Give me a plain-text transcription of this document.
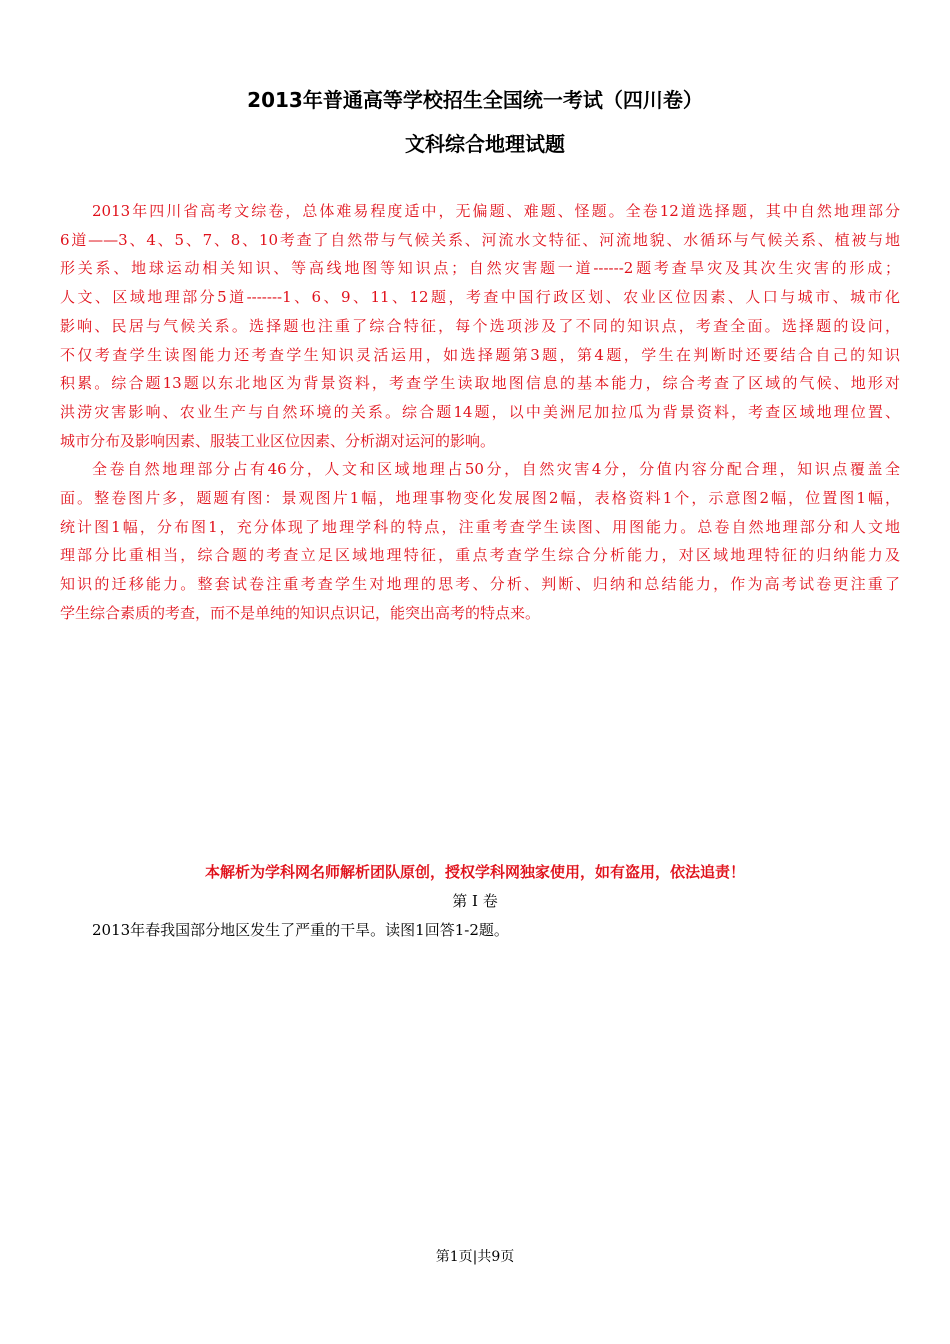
2013年普通高等学校招生全国统一考试（四川卷）
文科综合地理试题
2013年四川省高考文综卷，总体难易程度适中，无偏题、难题、怪题。全卷12道选择题，其中自然地理部分
6道——3、4、5、7、8、10考查了自然带与气候关系、河流水文特征、河流地貌、水循环与气候关系、植被与地
形关系、地球运动相关知识、等高线地图等知识点；自然灾害题一道------2题考查旱灾及其次生灾害的形成；
人文、区域地理部分5道-------1、6、9、11、12题，考查中国行政区划、农业区位因素、人口与城市、城市化
影响、民居与气候关系。选择题也注重了综合特征，每个选项涉及了不同的知识点，考查全面。选择题的设问，
不仅考查学生读图能力还考查学生知识灵活运用，如选择题第3题，第4题，学生在判断时还要结合自己的知识
积累。综合题13题以东北地区为背景资料，考查学生读取地图信息的基本能力，综合考查了区域的气候、地形对
洪涝灾害影响、农业生产与自然环境的关系。综合题14题，以中美洲尼加拉瓜为背景资料，考查区域地理位置、
城市分布及影响因素、服装工业区位因素、分析湖对运河的影响。
全卷自然地理部分占有46分，人文和区域地理占50分，自然灾害4分，分值内容分配合理，知识点覆盖全
面。整卷图片多，题题有图：景观图片1幅，地理事物变化发展图2幅，表格资料1个，示意图2幅，位置图1幅，
统计图1幅，分布图1，充分体现了地理学科的特点，注重考查学生读图、用图能力。总卷自然地理部分和人文地
理部分比重相当，综合题的考查立足区域地理特征，重点考查学生综合分析能力，对区域地理特征的归纳能力及
知识的迁移能力。整套试卷注重考查学生对地理的思考、分析、判断、归纳和总结能力，作为高考试卷更注重了
学生综合素质的考查，而不是单纯的知识点识记，能突出高考的特点来。
本解析为学科网名师解析团队原创，授权学科网独家使用，如有盗用，依法追责！
第 I 卷
2013年春我国部分地区发生了严重的干旱。读图1回答1-2题。
第1页|共9页
